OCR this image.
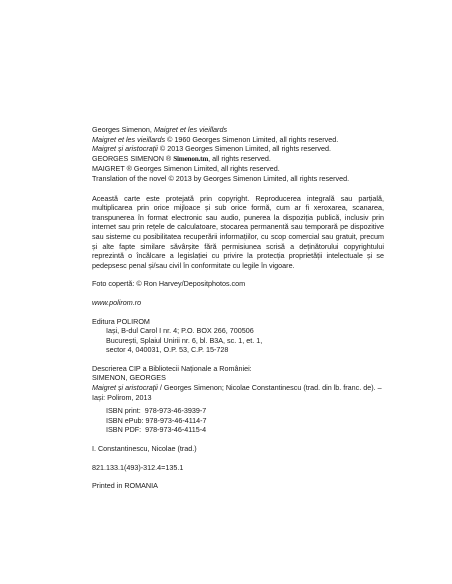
Georges Simenon, Maigret et les vieillards

Maigret et les vieillards © 1960 Georges Simenon Limited, all rights reserved.

Maigret și aristocrații © 2013 Georges Simenon Limited, all rights reserved.

GEORGES SIMENON ® Simenon.tm, all rights reserved.

MAIGRET ® Georges Simenon Limited, all rights reserved.

Translation of the novel © 2013 by Georges Simenon Limited, all rights reserved.

Această carte este protejată prin copyright. Reproducerea integrală sau parțială, multiplicarea prin orice mijloace și sub orice formă, cum ar fi xeroxarea, scanarea, transpunerea în format electronic sau audio, punerea la dispoziția publică, inclusiv prin internet sau prin rețele de calculatoare, stocarea permanentă sau temporară pe dispozitive sau sisteme cu posibilitatea recuperării informațiilor, cu scop comercial sau gratuit, precum și alte fapte similare săvârșite fără permisiunea scrisă a deținătorului copyrightului reprezintă o încălcare a legislației cu privire la protecția proprietății intelectuale și se pedepsesc penal și/sau civil în conformitate cu legile în vigoare.

Foto copertă: © Ron Harvey/Depositphotos.com

www.polirom.ro

Editura POLIROM

Iași, B-dul Carol I nr. 4; P.O. BOX 266, 700506

București, Splaiul Unirii nr. 6, bl. B3A, sc. 1, et. 1,

sector 4, 040031, O.P. 53, C.P. 15-728

Descrierea CIP a Bibliotecii Naționale a României:

SIMENON, GEORGES

Maigret și aristocrații / Georges Simenon; Nicolae Constantinescu (trad. din lb. franc. de). – Iași: Polirom, 2013

ISBN print:  978-973-46-3939-7

ISBN ePub: 978-973-46-4114-7

ISBN PDF:  978-973-46-4115-4

I. Constantinescu, Nicolae (trad.)

821.133.1(493)-312.4=135.1

Printed in ROMANIA
